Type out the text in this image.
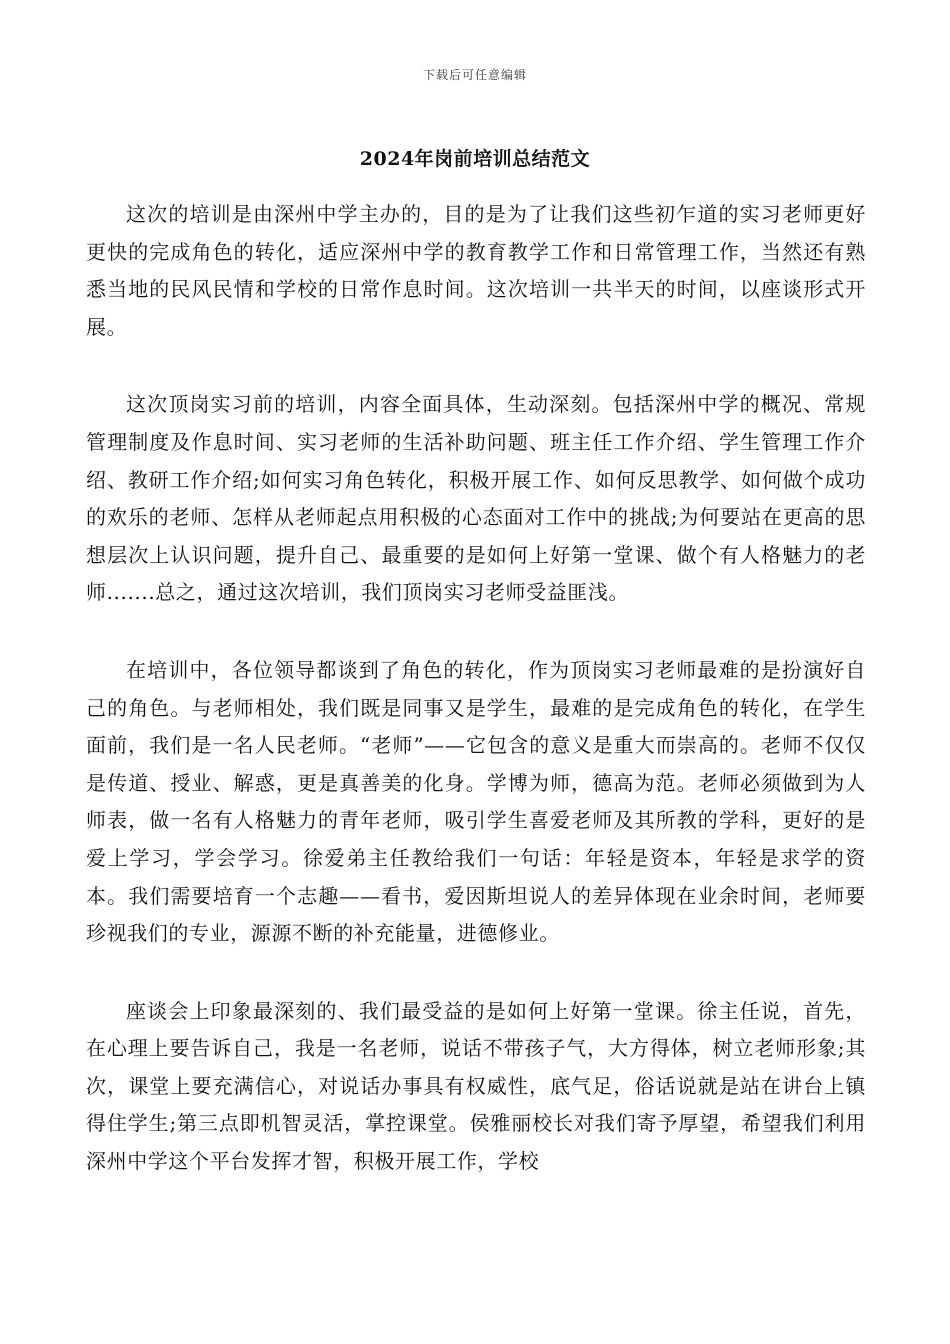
下载后可任意编辑
2024年岗前培训总结范文

这次的培训是由深州中学主办的，目的是为了让我们这些初乍道的实习老师更好更快的完成角色的转化，适应深州中学的教育教学工作和日常管理工作，当然还有熟悉当地的民风民情和学校的日常作息时间。这次培训一共半天的时间，以座谈形式开展。

这次顶岗实习前的培训，内容全面具体，生动深刻。包括深州中学的概况、常规管理制度及作息时间、实习老师的生活补助问题、班主任工作介绍、学生管理工作介绍、教研工作介绍;如何实习角色转化，积极开展工作、如何反思教学、如何做个成功的欢乐的老师、怎样从老师起点用积极的心态面对工作中的挑战;为何要站在更高的思想层次上认识问题，提升自己、最重要的是如何上好第一堂课、做个有人格魅力的老师.......总之，通过这次培训，我们顶岗实习老师受益匪浅。

在培训中，各位领导都谈到了角色的转化，作为顶岗实习老师最难的是扮演好自己的角色。与老师相处，我们既是同事又是学生，最难的是完成角色的转化，在学生面前，我们是一名人民老师。“老师”——它包含的意义是重大而崇高的。老师不仅仅是传道、授业、解惑，更是真善美的化身。学博为师，德高为范。老师必须做到为人师表，做一名有人格魅力的青年老师，吸引学生喜爱老师及其所教的学科，更好的是爱上学习，学会学习。徐爱弟主任教给我们一句话：年轻是资本，年轻是求学的资本。我们需要培育一个志趣——看书，爱因斯坦说人的差异体现在业余时间，老师要珍视我们的专业，源源不断的补充能量，进德修业。

座谈会上印象最深刻的、我们最受益的是如何上好第一堂课。徐主任说，首先，在心理上要告诉自己，我是一名老师，说话不带孩子气，大方得体，树立老师形象;其次，课堂上要充满信心，对说话办事具有权威性，底气足，俗话说就是站在讲台上镇得住学生;第三点即机智灵活，掌控课堂。侯雅丽校长对我们寄予厚望，希望我们利用深州中学这个平台发挥才智，积极开展工作，学校
